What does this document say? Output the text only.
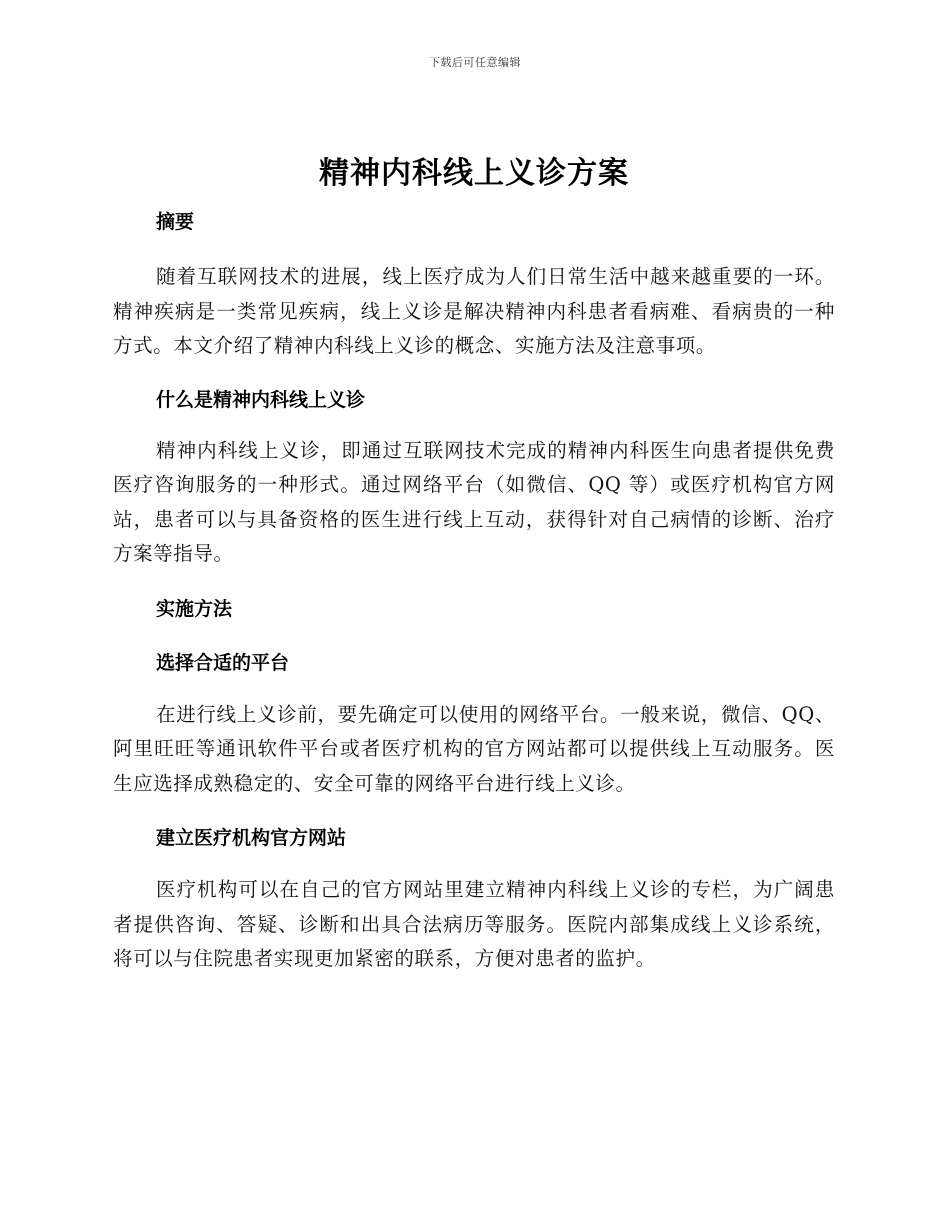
下载后可任意编辑
精神内科线上义诊方案
摘要

随着互联网技术的进展，线上医疗成为人们日常生活中越来越重要的一环。精神疾病是一类常见疾病，线上义诊是解决精神内科患者看病难、看病贵的一种方式。本文介绍了精神内科线上义诊的概念、实施方法及注意事项。

什么是精神内科线上义诊

精神内科线上义诊，即通过互联网技术完成的精神内科医生向患者提供免费医疗咨询服务的一种形式。通过网络平台（如微信、QQ 等）或医疗机构官方网站，患者可以与具备资格的医生进行线上互动，获得针对自己病情的诊断、治疗方案等指导。

实施方法
选择合适的平台

在进行线上义诊前，要先确定可以使用的网络平台。一般来说，微信、QQ、阿里旺旺等通讯软件平台或者医疗机构的官方网站都可以提供线上互动服务。医生应选择成熟稳定的、安全可靠的网络平台进行线上义诊。

建立医疗机构官方网站

医疗机构可以在自己的官方网站里建立精神内科线上义诊的专栏，为广阔患者提供咨询、答疑、诊断和出具合法病历等服务。医院内部集成线上义诊系统，将可以与住院患者实现更加紧密的联系，方便对患者的监护。
